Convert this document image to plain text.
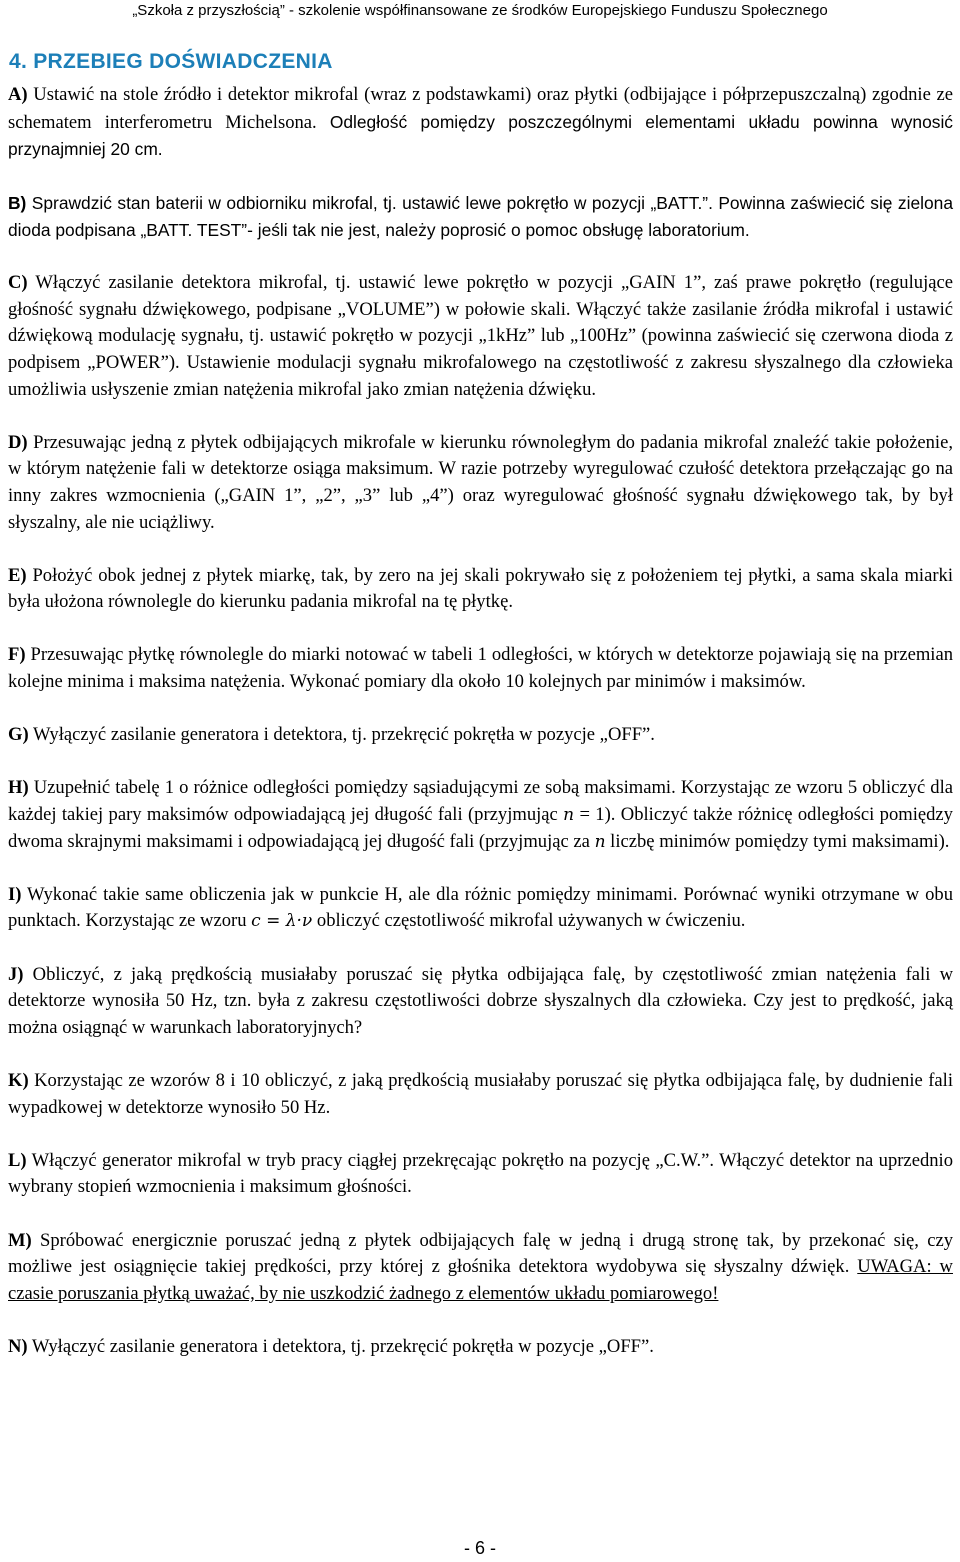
„Szkoła z przyszłością” - szkolenie współfinansowane ze środków Europejskiego Funduszu Społecznego
4. PRZEBIEG DOŚWIADCZENIA

A) Ustawić na stole źródło i detektor mikrofal (wraz z podstawkami) oraz płytki (odbijające i półprzepuszczalną) zgodnie ze schematem interferometru Michelsona. Odległość pomiędzy poszczególnymi elementami układu powinna wynosić przynajmniej 20 cm.

B) Sprawdzić stan baterii w odbiorniku mikrofal, tj. ustawić lewe pokrętło w pozycji „BATT.”. Powinna zaświecić się zielona dioda podpisana „BATT. TEST”- jeśli tak nie jest, należy poprosić o pomoc obsługę laboratorium.

C) Włączyć zasilanie detektora mikrofal, tj. ustawić lewe pokrętło w pozycji „GAIN 1”, zaś prawe pokrętło (regulujące głośność sygnału dźwiękowego, podpisane „VOLUME”) w połowie skali. Włączyć także zasilanie źródła mikrofal i ustawić dźwiękową modulację sygnału, tj. ustawić pokrętło w pozycji „1kHz” lub „100Hz” (powinna zaświecić się czerwona dioda z podpisem „POWER”). Ustawienie modulacji sygnału mikrofalowego na częstotliwość z zakresu słyszalnego dla człowieka umożliwia usłyszenie zmian natężenia mikrofal jako zmian natężenia dźwięku.

D) Przesuwając jedną z płytek odbijających mikrofale w kierunku równoległym do padania mikrofal znaleźć takie położenie, w którym natężenie fali w detektorze osiąga maksimum. W razie potrzeby wyregulować czułość detektora przełączając go na inny zakres wzmocnienia („GAIN 1”, „2”, „3” lub „4”) oraz wyregulować głośność sygnału dźwiękowego tak, by był słyszalny, ale nie uciążliwy.

E) Położyć obok jednej z płytek miarkę, tak, by zero na jej skali pokrywało się z położeniem tej płytki, a sama skala miarki była ułożona równolegle do kierunku padania mikrofal na tę płytkę.

F) Przesuwając płytkę równolegle do miarki notować w tabeli 1 odległości, w których w detektorze pojawiają się na przemian kolejne minima i maksima natężenia. Wykonać pomiary dla około 10 kolejnych par minimów i maksimów.

G) Wyłączyć zasilanie generatora i detektora, tj. przekręcić pokrętła w pozycje „OFF”.

H) Uzupełnić tabelę 1 o różnice odległości pomiędzy sąsiadującymi ze sobą maksimami. Korzystając ze wzoru 5 obliczyć dla każdej takiej pary maksimów odpowiadającą jej długość fali (przyjmując n = 1). Obliczyć także różnicę odległości pomiędzy dwoma skrajnymi maksimami i odpowiadającą jej długość fali (przyjmując za n liczbę minimów pomiędzy tymi maksimami).

I) Wykonać takie same obliczenia jak w punkcie H, ale dla różnic pomiędzy minimami. Porównać wyniki otrzymane w obu punktach. Korzystając ze wzoru c = λ·ν obliczyć częstotliwość mikrofal używanych w ćwiczeniu.

J) Obliczyć, z jaką prędkością musiałaby poruszać się płytka odbijająca falę, by częstotliwość zmian natężenia fali w detektorze wynosiła 50 Hz, tzn. była z zakresu częstotliwości dobrze słyszalnych dla człowieka. Czy jest to prędkość, jaką można osiągnąć w warunkach laboratoryjnych?

K) Korzystając ze wzorów 8 i 10 obliczyć, z jaką prędkością musiałaby poruszać się płytka odbijająca falę, by dudnienie fali wypadkowej w detektorze wynosiło 50 Hz.

L) Włączyć generator mikrofal w tryb pracy ciągłej przekręcając pokrętło na pozycję „C.W.”. Włączyć detektor na uprzednio wybrany stopień wzmocnienia i maksimum głośności.

M) Spróbować energicznie poruszać jedną z płytek odbijających falę w jedną i drugą stronę tak, by przekonać się, czy możliwe jest osiągnięcie takiej prędkości, przy której z głośnika detektora wydobywa się słyszalny dźwięk. UWAGA: w czasie poruszania płytką uważać, by nie uszkodzić żadnego z elementów układu pomiarowego!

N) Wyłączyć zasilanie generatora i detektora, tj. przekręcić pokrętła w pozycje „OFF”.

- 6 -
